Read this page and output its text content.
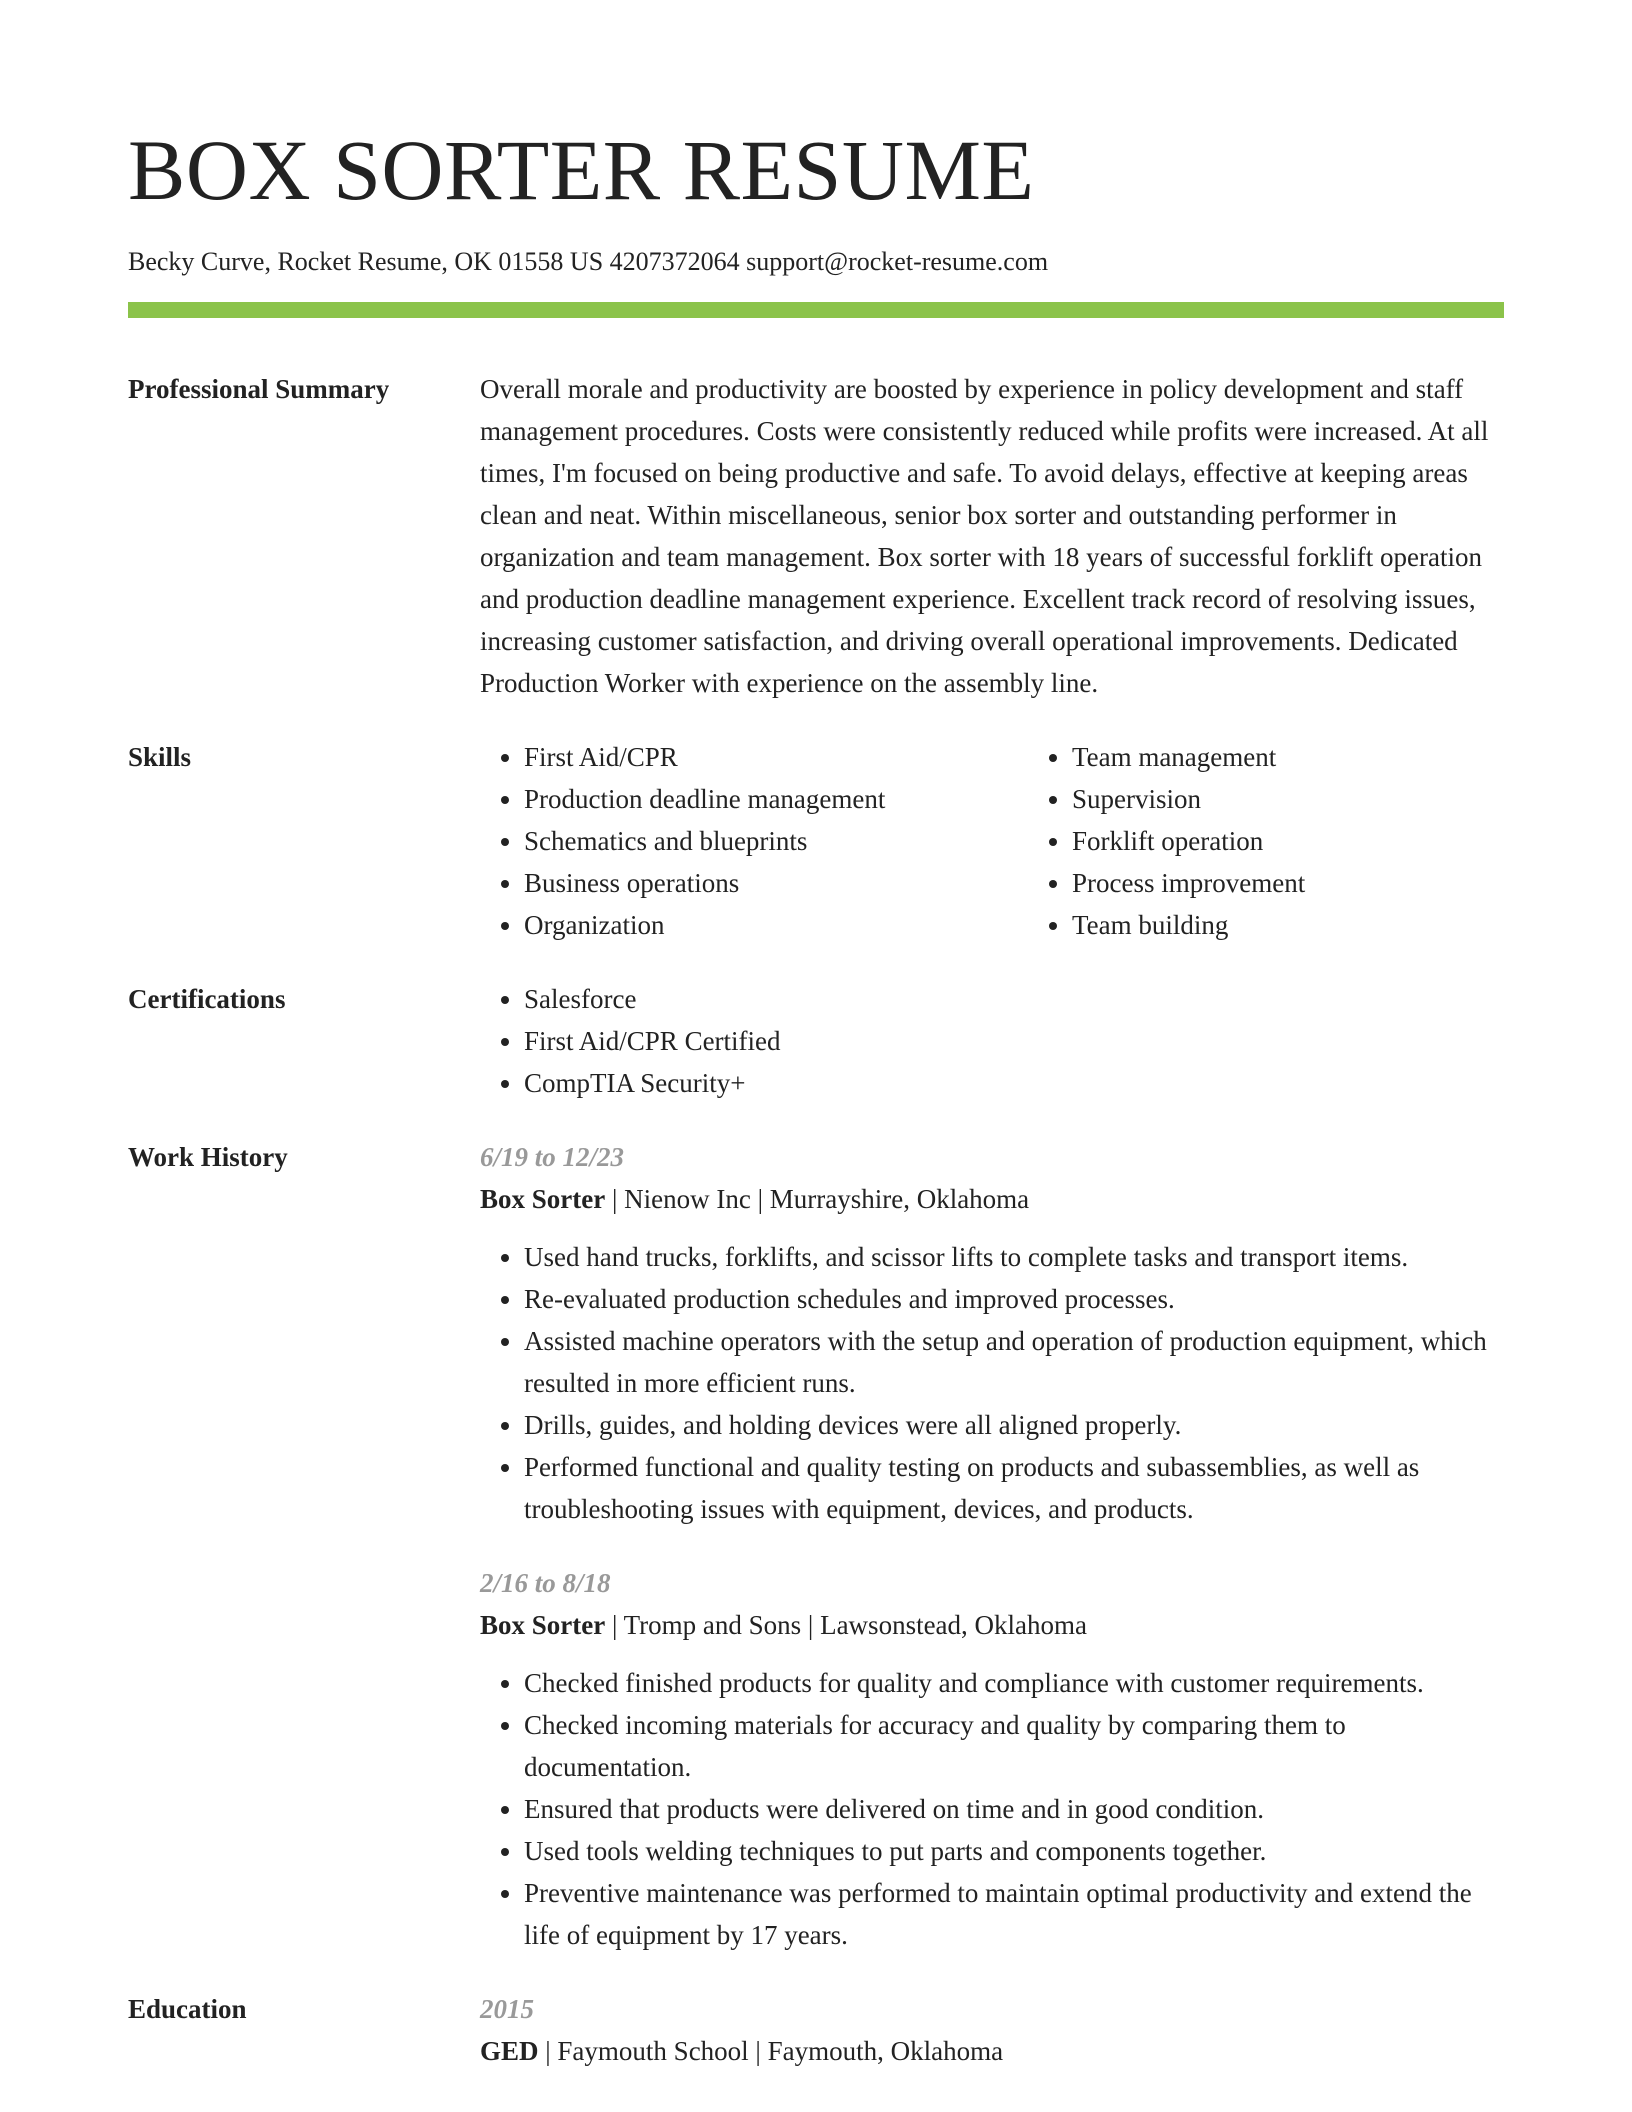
BOX SORTER RESUME
Becky Curve, Rocket Resume, OK 01558 US 4207372064 support@rocket-resume.com
Professional Summary	Overall morale and productivity are boosted by experience in policy development and staff management procedures. Costs were consistently reduced while profits were increased. At all times, I'm focused on being productive and safe. To avoid delays, effective at keeping areas clean and neat. Within miscellaneous, senior box sorter and outstanding performer in organization and team management. Box sorter with 18 years of successful forklift operation and production deadline management experience. Excellent track record of resolving issues, increasing customer satisfaction, and driving overall operational improvements. Dedicated Production Worker with experience on the assembly line.

Skills	• First Aid/CPR
• Production deadline management
• Schematics and blueprints
• Business operations
• Organization
• Team management
• Supervision
• Forklift operation
• Process improvement
• Team building
Certifications	• Salesforce
• First Aid/CPR Certified
• CompTIA Security+
Work History	6/19 to 12/23
Box Sorter | Nienow Inc | Murrayshire, Oklahoma
• Used hand trucks, forklifts, and scissor lifts to complete tasks and transport items.
• Re-evaluated production schedules and improved processes.
• Assisted machine operators with the setup and operation of production equipment, which resulted in more efficient runs.
• Drills, guides, and holding devices were all aligned properly.
• Performed functional and quality testing on products and subassemblies, as well as troubleshooting issues with equipment, devices, and products.
2/16 to 8/18
Box Sorter | Tromp and Sons | Lawsonstead, Oklahoma
• Checked finished products for quality and compliance with customer requirements.
• Checked incoming materials for accuracy and quality by comparing them to documentation.
• Ensured that products were delivered on time and in good condition.
• Used tools welding techniques to put parts and components together.
• Preventive maintenance was performed to maintain optimal productivity and extend the life of equipment by 17 years.
Education	2015
GED | Faymouth School | Faymouth, Oklahoma
